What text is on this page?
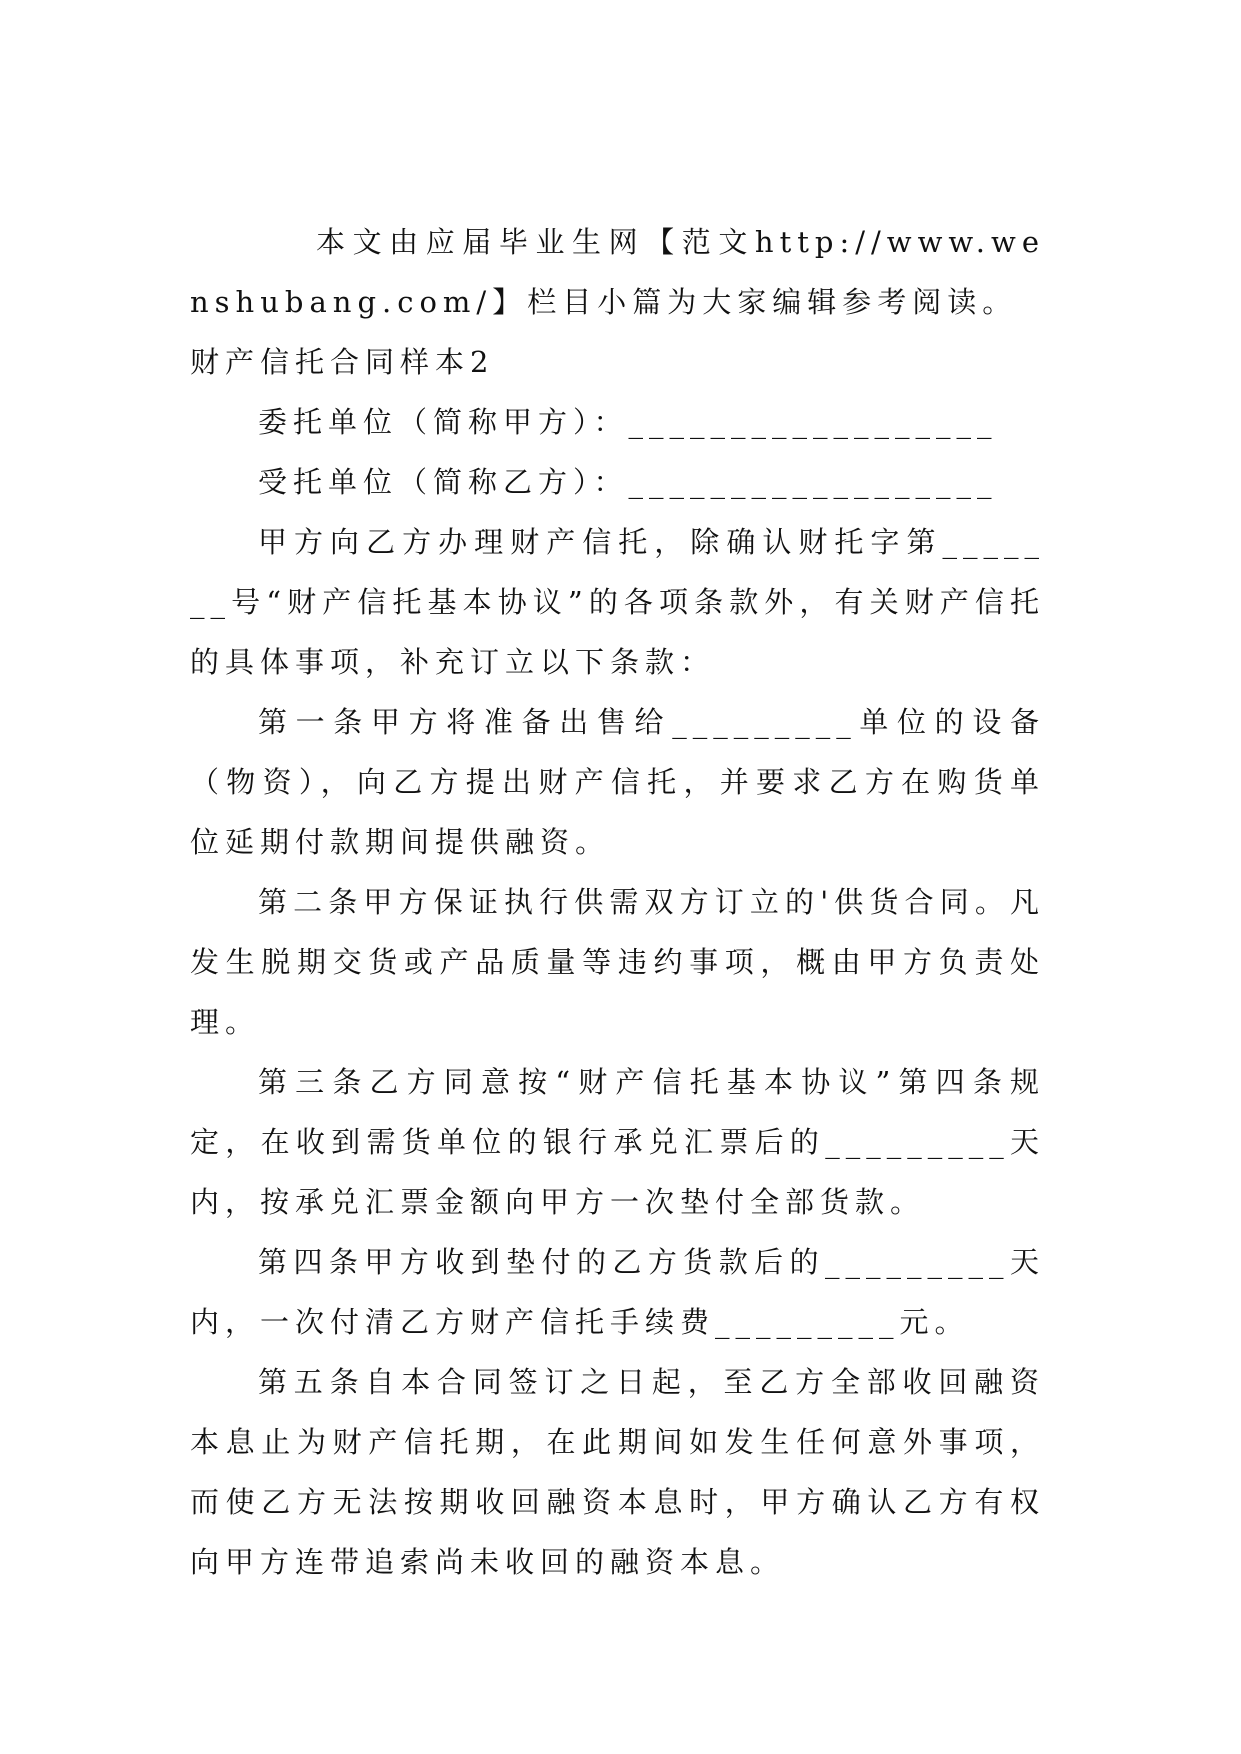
本文由应届毕业生网【范文http://www.wenshubang.com/】栏目小篇为大家编辑参考阅读。

财产信托合同样本2

委托单位（简称甲方）：__________________

受托单位（简称乙方）：__________________

甲方向乙方办理财产信托，除确认财托字第_______号“财产信托基本协议”的各项条款外，有关财产信托的具体事项，补充订立以下条款：

第一条甲方将准备出售给_________单位的设备（物资），向乙方提出财产信托，并要求乙方在购货单位延期付款期间提供融资。

第二条甲方保证执行供需双方订立的'供货合同。凡发生脱期交货或产品质量等违约事项，概由甲方负责处理。

第三条乙方同意按“财产信托基本协议”第四条规定，在收到需货单位的银行承兑汇票后的_________天内，按承兑汇票金额向甲方一次垫付全部货款。

第四条甲方收到垫付的乙方货款后的_________天内，一次付清乙方财产信托手续费_________元。

第五条自本合同签订之日起，至乙方全部收回融资本息止为财产信托期，在此期间如发生任何意外事项，而使乙方无法按期收回融资本息时，甲方确认乙方有权向甲方连带追索尚未收回的融资本息。
